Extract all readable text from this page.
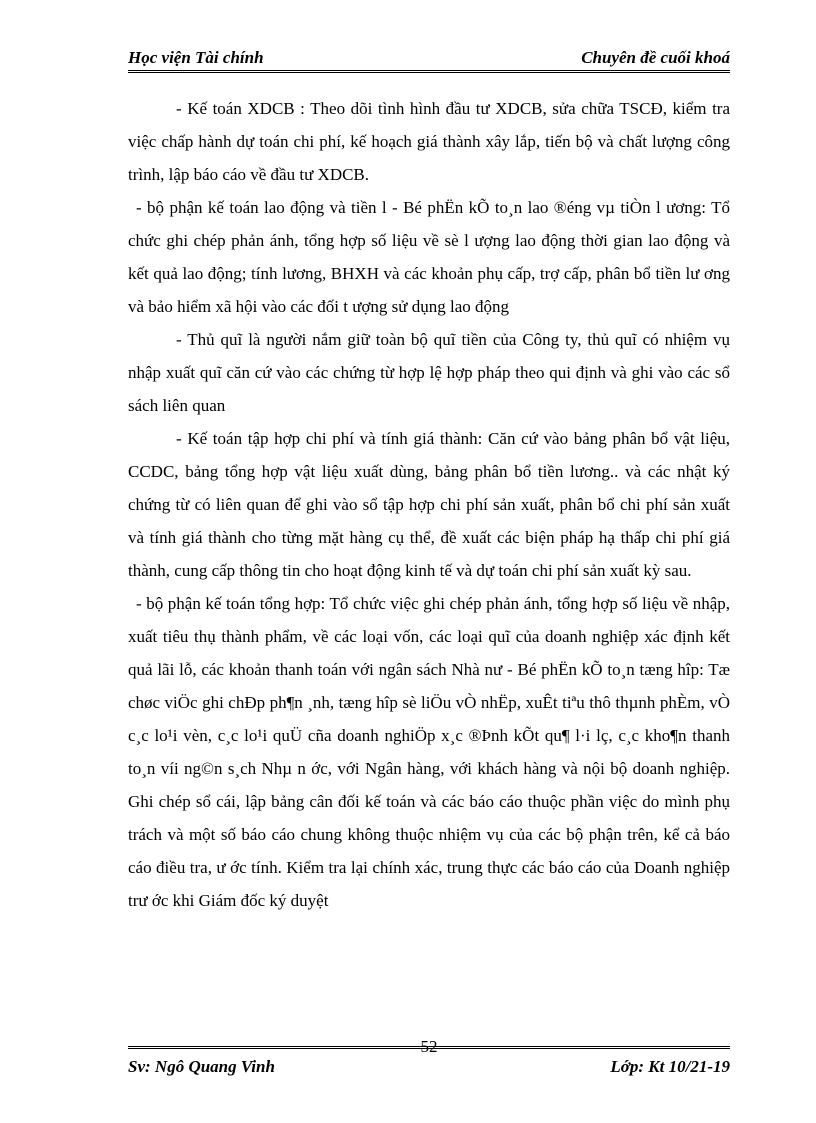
Học viện Tài chính	Chuyên đề cuối khoá

- Kế toán XDCB : Theo dõi tình hình đầu tư XDCB, sửa chữa TSCĐ, kiểm tra việc chấp hành dự toán chi phí, kế hoạch giá thành xây lắp, tiến bộ và chất lượng công trình, lập báo cáo về đầu tư XDCB.

- bộ phận kế toán lao động và tiền l - Bé phËn kÕ to¸n lao ®éng vµ tiÒn l ương: Tổ chức ghi chép phản ánh, tổng hợp số liệu về sè l ượng lao động thời gian lao động và kết quả lao động; tính lương, BHXH và các khoản phụ cấp, trợ cấp, phân bổ tiền lư ơng và bảo hiểm xã hội vào các đối t ượng sử dụng lao động

- Thủ quĩ là người nắm giữ toàn bộ quĩ tiền của Công ty, thủ quĩ có nhiệm vụ nhập xuất quĩ căn cứ vào các chứng từ hợp lệ hợp pháp theo qui định và ghi vào các sổ sách liên quan

- Kế toán tập hợp chi phí và tính giá thành: Căn cứ vào bảng phân bổ vật liệu, CCDC, bảng tổng hợp vật liệu xuất dùng, bảng phân bổ tiền lương.. và các nhật ký chứng từ có liên quan để ghi vào sổ tập hợp chi phí sản xuất, phân bổ chi phí sản xuất và tính giá thành cho từng mặt hàng cụ thể, đề xuất các biện pháp hạ thấp chi phí giá thành, cung cấp thông tin cho hoạt động kinh tế và dự toán chi phí sản xuất kỳ sau.

- bộ phận kế toán tổng hợp: Tổ chức việc ghi chép phản ánh, tổng hợp số liệu về nhập, xuất tiêu thụ thành phẩm, về các loại vốn, các loại quĩ của doanh nghiệp xác định kết quả lãi lỗ, các khoản thanh toán với ngân sách Nhà nư - Bé phËn kÕ to¸n tæng hîp: Tæ chøc viÖc ghi chÐp ph¶n ¸nh, tæng hîp sè liÖu vÒ nhËp, xuÊt tiªu thô thµnh phÈm, vÒ c¸c lo¹i vèn, c¸c lo¹i quÜ cña doanh nghiÖp x¸c ®Þnh kÕt qu¶ l·i lç, c¸c kho¶n thanh to¸n víi ng©n s¸ch Nhµ n ớc, với Ngân hàng, với khách hàng và nội bộ doanh nghiệp. Ghi chép sổ cái, lập bảng cân đối kế toán và các báo cáo thuộc phần việc do mình phụ trách và một số báo cáo chung không thuộc nhiệm vụ của các bộ phận trên, kể cả báo cáo điều tra, ư ớc tính. Kiểm tra lại chính xác, trung thực các báo cáo của Doanh nghiệp trư ớc khi Giám đốc ký duyệt

52
Sv: Ngô Quang Vinh	Lớp: Kt 10/21-19
